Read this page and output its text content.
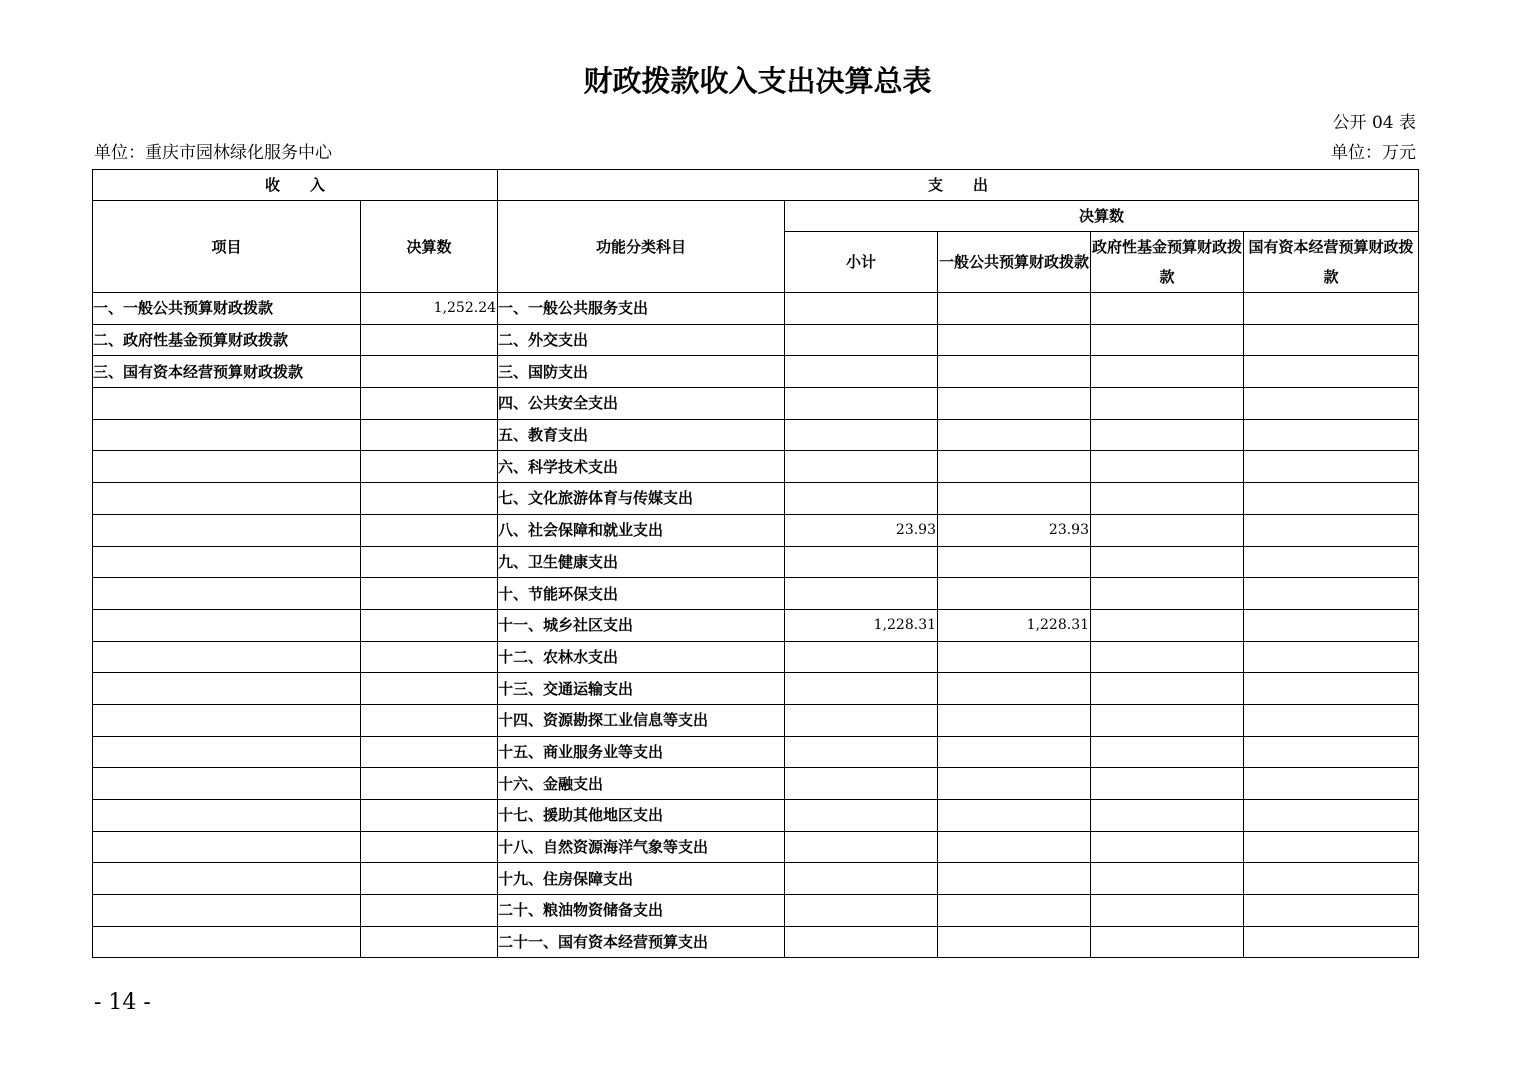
财政拨款收入支出决算总表
公开 04 表
单位：重庆市园林绿化服务中心	单位：万元
收　　入		支　　出				
项目	决算数	功能分类科目	决算数			
			小计	一般公共预算财政拨款	政府性基金预算财政拨款	国有资本经营预算财政拨款
一、一般公共预算财政拨款	1,252.24	一、一般公共服务支出				
二、政府性基金预算财政拨款		二、外交支出				
三、国有资本经营预算财政拨款		三、国防支出				
		四、公共安全支出				
		五、教育支出				
		六、科学技术支出				
		七、文化旅游体育与传媒支出				
		八、社会保障和就业支出	23.93	23.93		
		九、卫生健康支出				
		十、节能环保支出				
		十一、城乡社区支出	1,228.31	1,228.31		
		十二、农林水支出				
		十三、交通运输支出				
		十四、资源勘探工业信息等支出				
		十五、商业服务业等支出				
		十六、金融支出				
		十七、援助其他地区支出				
		十八、自然资源海洋气象等支出				
		十九、住房保障支出				
		二十、粮油物资储备支出				
		二十一、国有资本经营预算支出				
- 14 -
